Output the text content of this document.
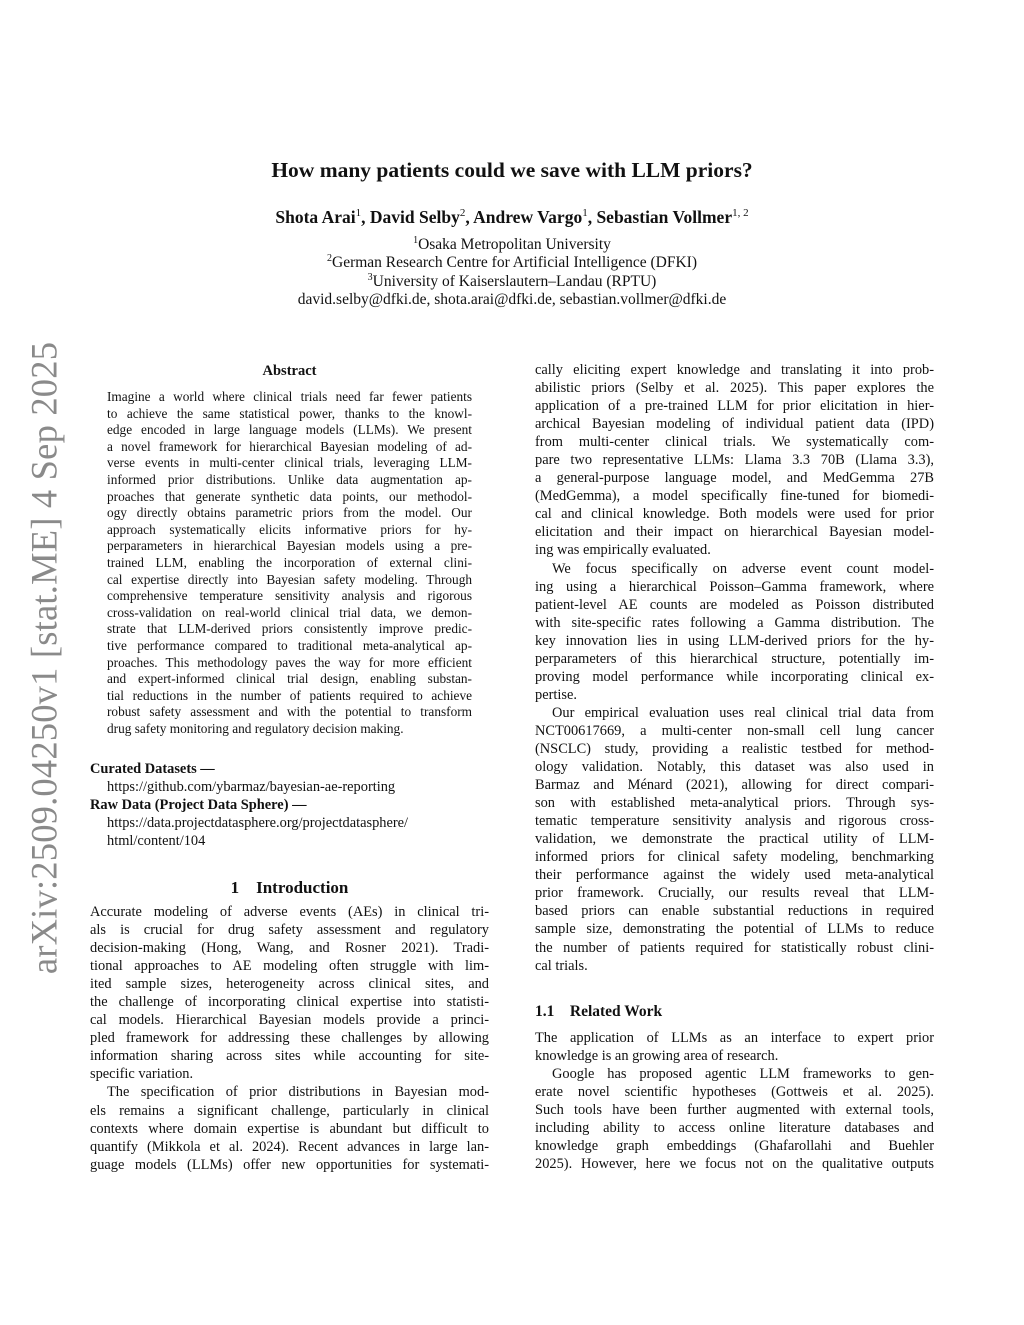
arXiv:2509.04250v1 [stat.ME] 4 Sep 2025
How many patients could we save with LLM priors?
Shota Arai$^1$, David Selby$^2$, Andrew Vargo$^1$, Sebastian Vollmer$^{1, 2}$
$^1$Osaka Metropolitan University
$^2$German Research Centre for Artificial Intelligence (DFKI)
$^3$University of Kaiserslautern–Landau (RPTU)
david.selby@dfki.de, shota.arai@dfki.de, sebastian.vollmer@dfki.de
Abstract

Imagine a world where clinical trials need far fewer patients

to achieve the same statistical power, thanks to the knowl-

edge encoded in large language models (LLMs). We present

a novel framework for hierarchical Bayesian modeling of ad-

verse events in multi-center clinical trials, leveraging LLM-

informed prior distributions. Unlike data augmentation ap-

proaches that generate synthetic data points, our methodol-

ogy directly obtains parametric priors from the model. Our

approach systematically elicits informative priors for hy-

perparameters in hierarchical Bayesian models using a pre-

trained LLM, enabling the incorporation of external clini-

cal expertise directly into Bayesian safety modeling. Through

comprehensive temperature sensitivity analysis and rigorous

cross-validation on real-world clinical trial data, we demon-

strate that LLM-derived priors consistently improve predic-

tive performance compared to traditional meta-analytical ap-

proaches. This methodology paves the way for more efficient

and expert-informed clinical trial design, enabling substan-

tial reductions in the number of patients required to achieve

robust safety assessment and with the potential to transform

drug safety monitoring and regulatory decision making.

Curated Datasets —

https://github.com/ybarmaz/bayesian-ae-reporting

Raw Data (Project Data Sphere) —

https://data.projectdatasphere.org/projectdatasphere/

html/content/104

1    Introduction

Accurate modeling of adverse events (AEs) in clinical tri-

als is crucial for drug safety assessment and regulatory

decision-making (Hong, Wang, and Rosner 2021). Tradi-

tional approaches to AE modeling often struggle with lim-

ited sample sizes, heterogeneity across clinical sites, and

the challenge of incorporating clinical expertise into statisti-

cal models. Hierarchical Bayesian models provide a princi-

pled framework for addressing these challenges by allowing

information sharing across sites while accounting for site-

specific variation.

The specification of prior distributions in Bayesian mod-

els remains a significant challenge, particularly in clinical

contexts where domain expertise is abundant but difficult to

quantify (Mikkola et al. 2024). Recent advances in large lan-

guage models (LLMs) offer new opportunities for systemati-

cally eliciting expert knowledge and translating it into prob-

abilistic priors (Selby et al. 2025). This paper explores the

application of a pre-trained LLM for prior elicitation in hier-

archical Bayesian modeling of individual patient data (IPD)

from multi-center clinical trials. We systematically com-

pare two representative LLMs: Llama 3.3 70B (Llama 3.3),

a general-purpose language model, and MedGemma 27B

(MedGemma), a model specifically fine-tuned for biomedi-

cal and clinical knowledge. Both models were used for prior

elicitation and their impact on hierarchical Bayesian model-

ing was empirically evaluated.

We focus specifically on adverse event count model-

ing using a hierarchical Poisson–Gamma framework, where

patient-level AE counts are modeled as Poisson distributed

with site-specific rates following a Gamma distribution. The

key innovation lies in using LLM-derived priors for the hy-

perparameters of this hierarchical structure, potentially im-

proving model performance while incorporating clinical ex-

pertise.

Our empirical evaluation uses real clinical trial data from

NCT00617669, a multi-center non-small cell lung cancer

(NSCLC) study, providing a realistic testbed for method-

ology validation. Notably, this dataset was also used in

Barmaz and Ménard (2021), allowing for direct compari-

son with established meta-analytical priors. Through sys-

tematic temperature sensitivity analysis and rigorous cross-

validation, we demonstrate the practical utility of LLM-

informed priors for clinical safety modeling, benchmarking

their performance against the widely used meta-analytical

prior framework. Crucially, our results reveal that LLM-

based priors can enable substantial reductions in required

sample size, demonstrating the potential of LLMs to reduce

the number of patients required for statistically robust clini-

cal trials.

1.1    Related Work

The application of LLMs as an interface to expert prior

knowledge is an growing area of research.

Google has proposed agentic LLM frameworks to gen-

erate novel scientific hypotheses (Gottweis et al. 2025).

Such tools have been further augmented with external tools,

including ability to access online literature databases and

knowledge graph embeddings (Ghafarollahi and Buehler

2025). However, here we focus not on the qualitative outputs
